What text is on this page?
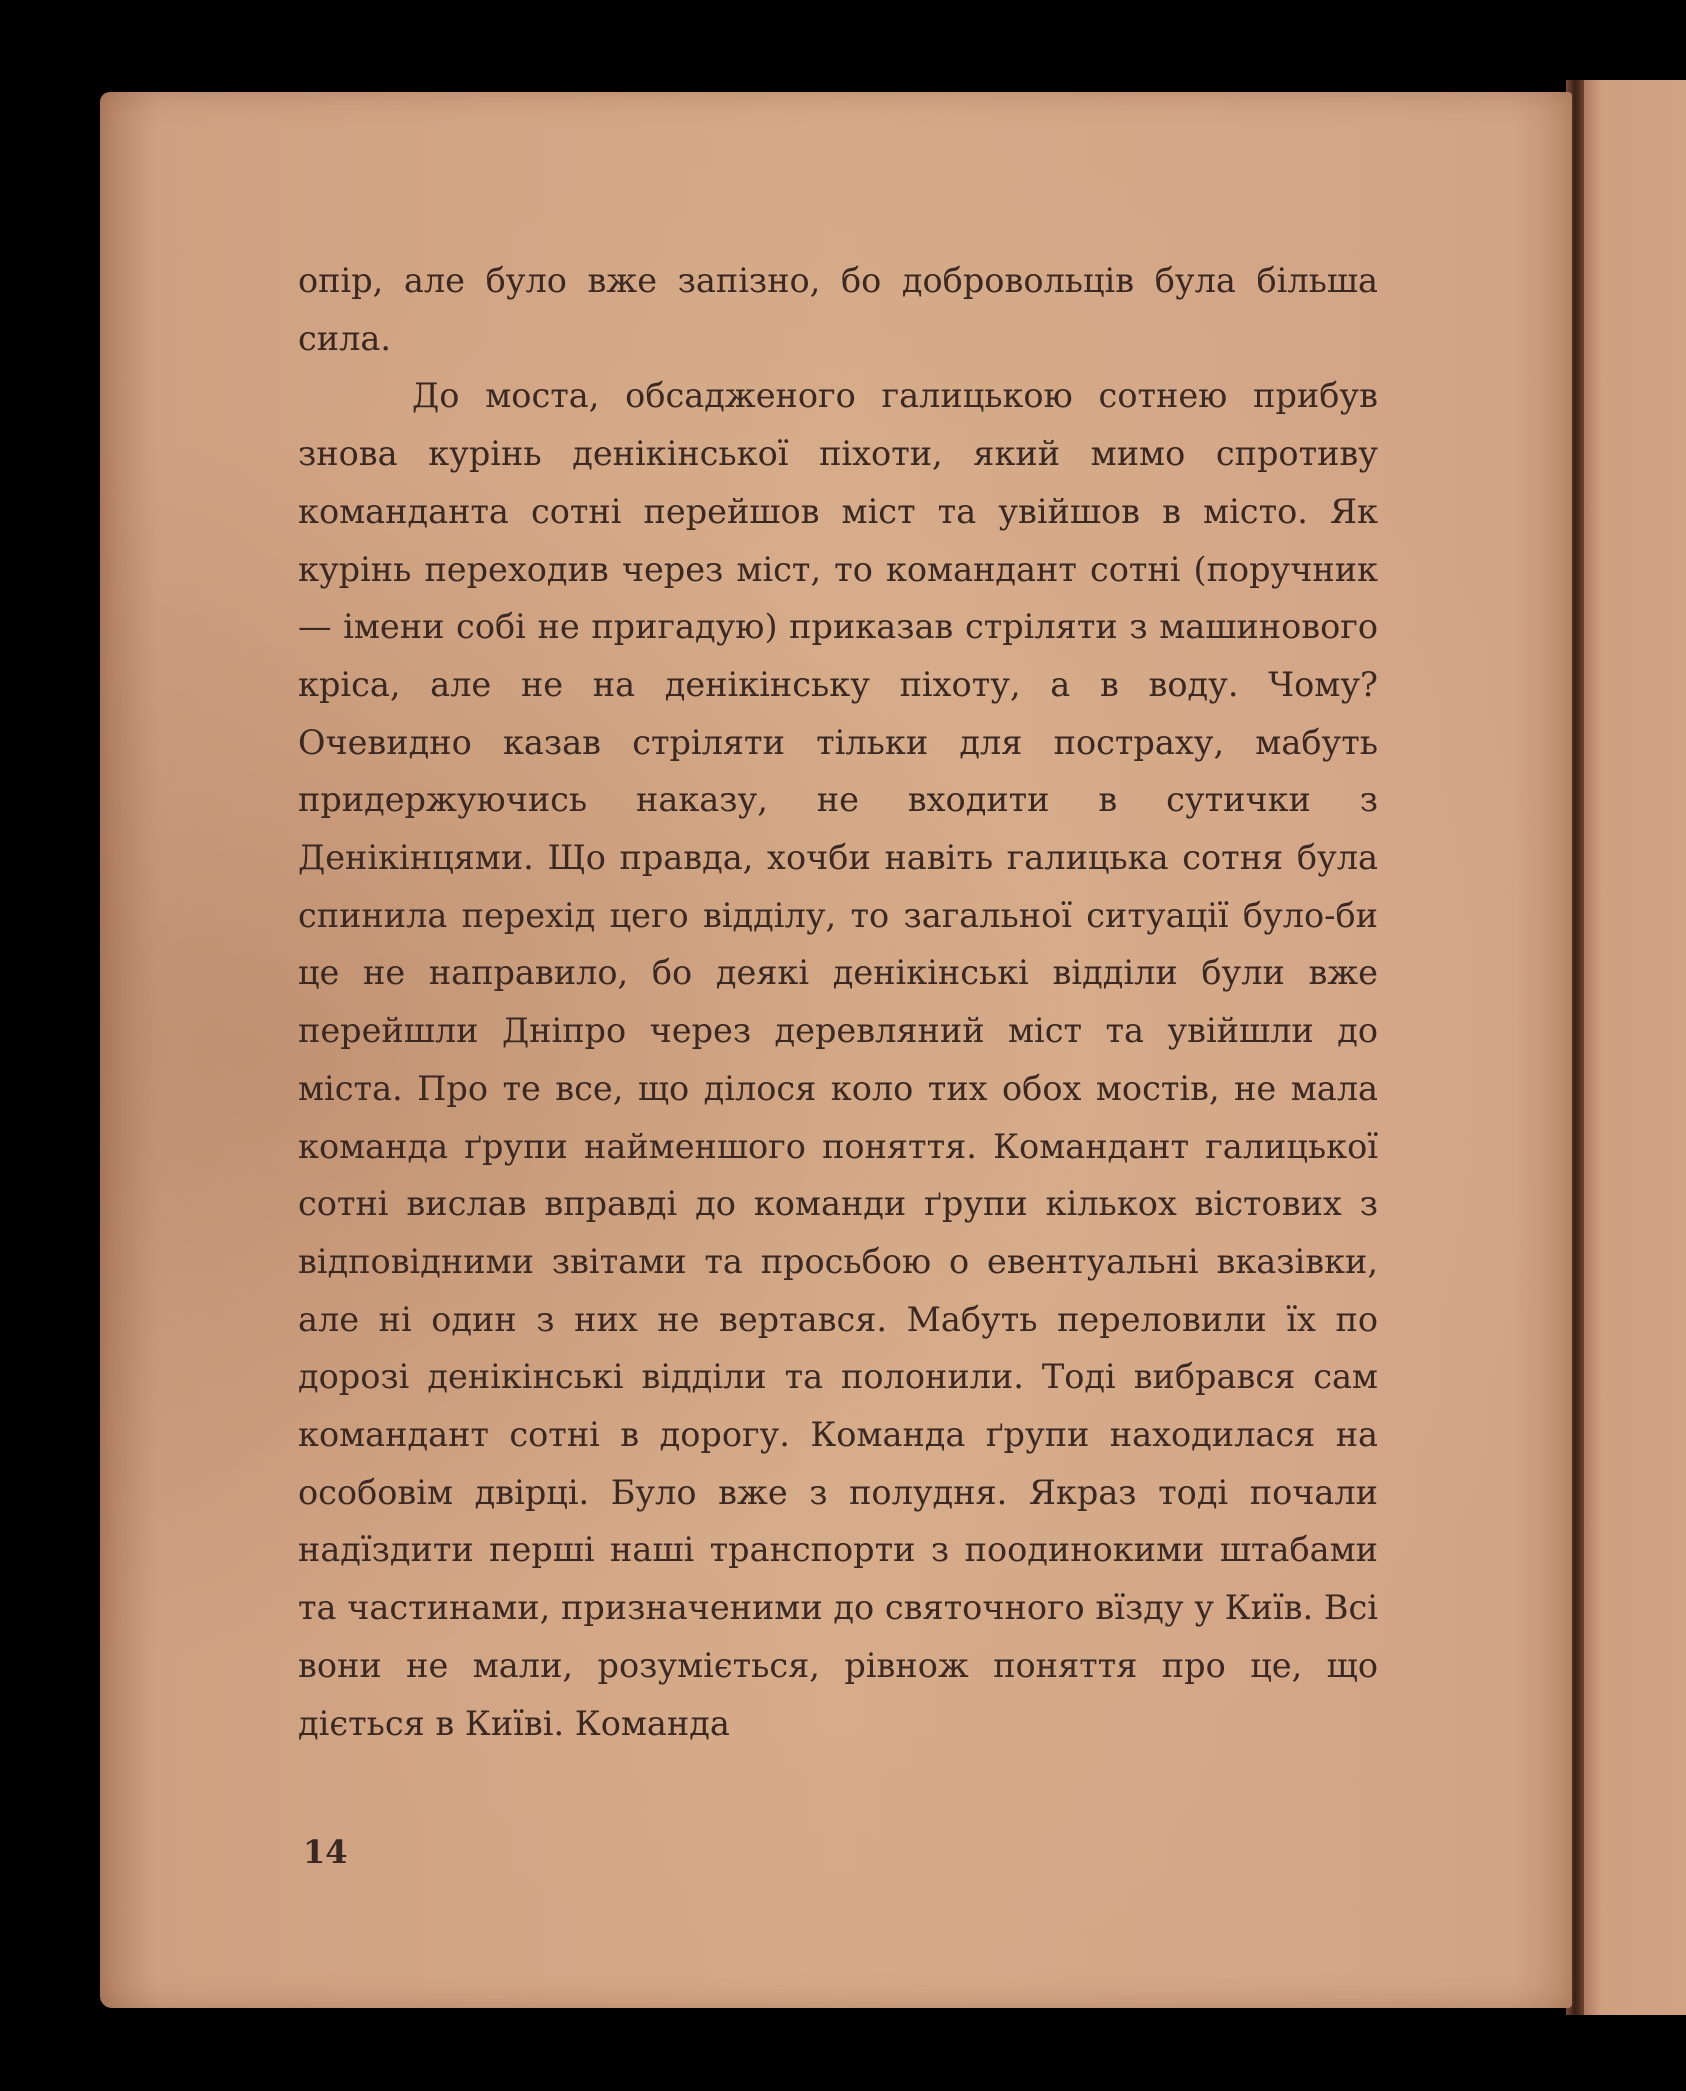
опір, але було вже запізно, бо добровольців була більша сила.

До моста, обсадженого галицькою сотнею прибув знова курінь денікінської піхоти, який мимо спротиву команданта сотні перейшов міст та увійшов в місто. Як курінь переходив через міст, то командант сотні (поручник — імени собі не пригадую) приказав стріляти з машинового кріса, але не на денікінську піхоту, а в воду. Чому? Очевидно казав стріляти тільки для постраху, мабуть придержуючись наказу, не входити в сутички з Денікінцями. Що правда, хочби навіть галицька сотня була спинила перехід цего відділу, то загальної ситуації було-би це не направило, бо деякі денікінські відділи були вже перейшли Дніпро через деревляний міст та увійшли до міста. Про те все, що ділося коло тих обох мостів, не мала команда ґрупи найменшого поняття. Командант галицької сотні вислав вправді до команди ґрупи кількох вістових з відповідними звітами та просьбою о евентуальні вказівки, але ні один з них не вертався. Мабуть переловили їх по дорозі денікінські відділи та полонили. Тоді вибрався сам командант сотні в дорогу. Команда ґрупи находилася на особовім двірці. Було вже з полудня. Якраз тоді почали надїздити перші наші транспорти з поодинокими штабами та частинами, призначеними до святочного вїзду у Київ. Всі вони не мали, розуміється, рівнож поняття про це, що діється в Київі. Команда

14
